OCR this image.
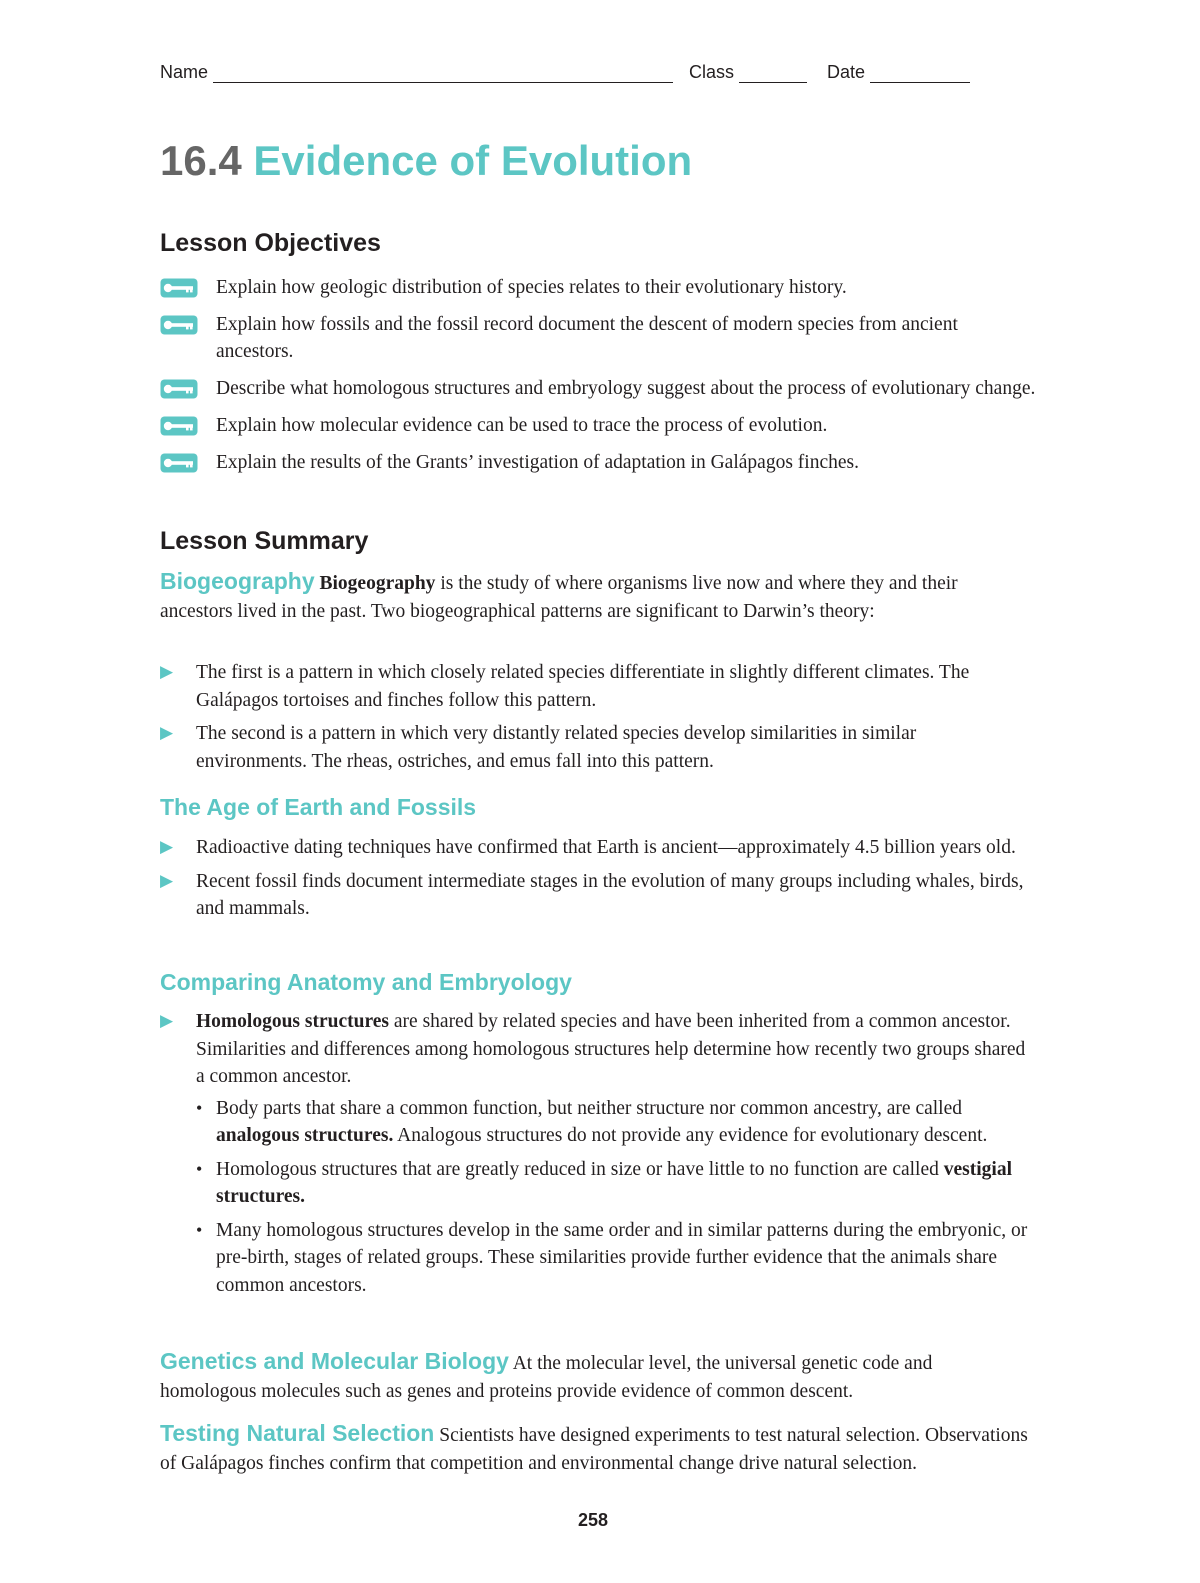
Name	Class	Date
16.4 Evidence of Evolution
Lesson Objectives
Explain how geologic distribution of species relates to their evolutionary history.
Explain how fossils and the fossil record document the descent of modern species from ancient ancestors.
Describe what homologous structures and embryology suggest about the process of evolutionary change.
Explain how molecular evidence can be used to trace the process of evolution.
Explain the results of the Grants’ investigation of adaptation in Galápagos finches.
Lesson Summary

Biogeography Biogeography is the study of where organisms live now and where they and their ancestors lived in the past. Two biogeographical patterns are significant to Darwin’s theory:

▶	The first is a pattern in which closely related species differentiate in slightly different climates. The Galápagos tortoises and finches follow this pattern.
▶	The second is a pattern in which very distantly related species develop similarities in similar environments. The rheas, ostriches, and emus fall into this pattern.
The Age of Earth and Fossils
▶	Radioactive dating techniques have confirmed that Earth is ancient—approximately 4.5 billion years old.
▶	Recent fossil finds document intermediate stages in the evolution of many groups including whales, birds, and mammals.
Comparing Anatomy and Embryology
▶	Homologous structures are shared by related species and have been inherited from a common ancestor. Similarities and differences among homologous structures help determine how recently two groups shared a common ancestor.
• Body parts that share a common function, but neither structure nor common ancestry, are called analogous structures. Analogous structures do not provide any evidence for evolutionary descent.
• Homologous structures that are greatly reduced in size or have little to no function are called vestigial structures.
• Many homologous structures develop in the same order and in similar patterns during the embryonic, or pre-birth, stages of related groups. These similarities provide further evidence that the animals share common ancestors.

Genetics and Molecular Biology At the molecular level, the universal genetic code and homologous molecules such as genes and proteins provide evidence of common descent.

Testing Natural Selection Scientists have designed experiments to test natural selection. Observations of Galápagos finches confirm that competition and environmental change drive natural selection.

258
